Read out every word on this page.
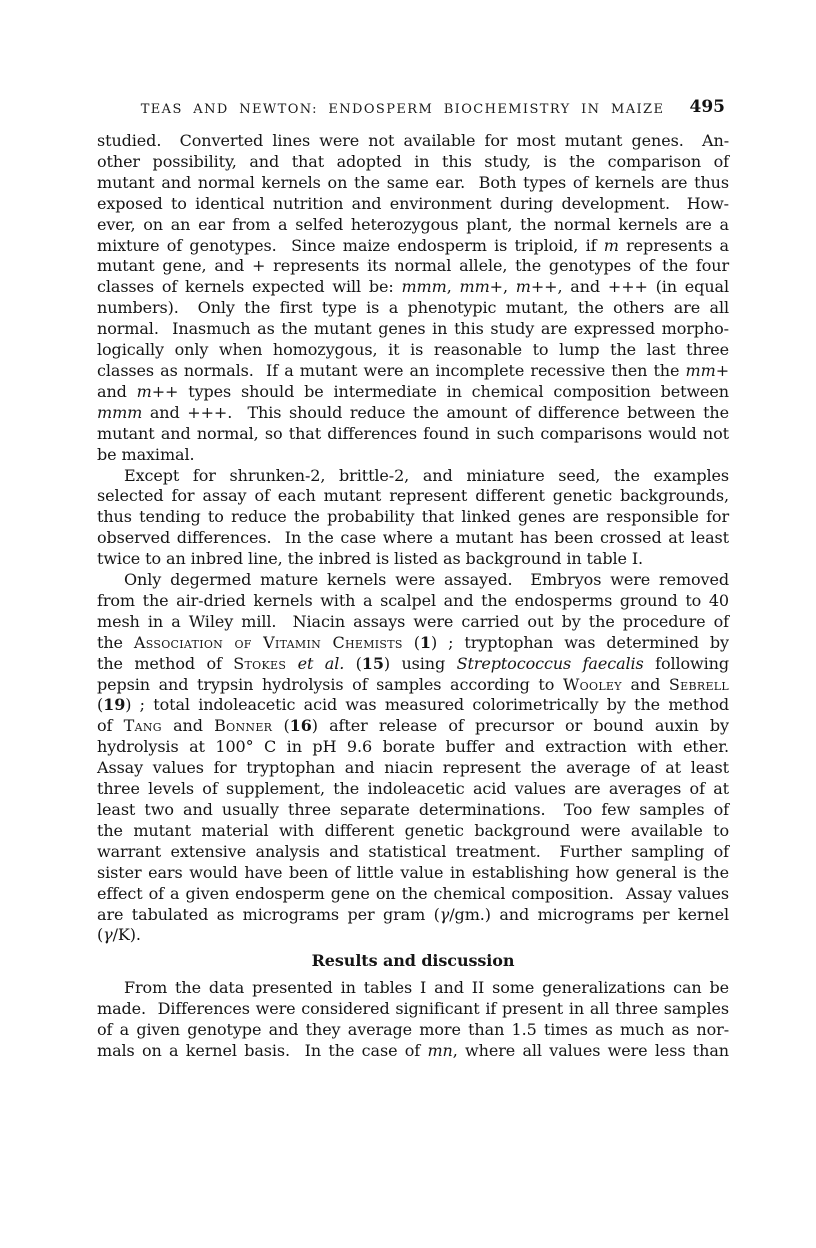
TEAS AND NEWTON: ENDOSPERM BIOCHEMISTRY IN MAIZE 495
studied.  Converted lines were not available for most mutant genes.  An-
other possibility, and that adopted in this study, is the comparison of
mutant and normal kernels on the same ear.  Both types of kernels are thus
exposed to identical nutrition and environment during development.  How-
ever, on an ear from a selfed heterozygous plant, the normal kernels are a
mixture of genotypes.  Since maize endosperm is triploid, if m represents a
mutant gene, and + represents its normal allele, the genotypes of the four
classes of kernels expected will be: mmm, mm+, m++, and +++ (in equal
numbers).  Only the first type is a phenotypic mutant, the others are all
normal.  Inasmuch as the mutant genes in this study are expressed morpho-
logically only when homozygous, it is reasonable to lump the last three
classes as normals.  If a mutant were an incomplete recessive then the mm+
and m++ types should be intermediate in chemical composition between
mmm and +++.  This should reduce the amount of difference between the
mutant and normal, so that differences found in such comparisons would not
be maximal.
Except for shrunken-2, brittle-2, and miniature seed, the examples
selected for assay of each mutant represent different genetic backgrounds,
thus tending to reduce the probability that linked genes are responsible for
observed differences.  In the case where a mutant has been crossed at least
twice to an inbred line, the inbred is listed as background in table I.
Only degermed mature kernels were assayed.  Embryos were removed
from the air-dried kernels with a scalpel and the endosperms ground to 40
mesh in a Wiley mill.  Niacin assays were carried out by the procedure of
the Association of Vitamin Chemists (1) ; tryptophan was determined by
the method of Stokes et al. (15) using Streptococcus faecalis following
pepsin and trypsin hydrolysis of samples according to Wooley and Sebrell
(19) ; total indoleacetic acid was measured colorimetrically by the method
of Tang and Bonner (16) after release of precursor or bound auxin by
hydrolysis at 100° C in pH 9.6 borate buffer and extraction with ether.
Assay values for tryptophan and niacin represent the average of at least
three levels of supplement, the indoleacetic acid values are averages of at
least two and usually three separate determinations.  Too few samples of
the mutant material with different genetic background were available to
warrant extensive analysis and statistical treatment.  Further sampling of
sister ears would have been of little value in establishing how general is the
effect of a given endosperm gene on the chemical composition.  Assay values
are tabulated as micrograms per gram (γ/gm.) and micrograms per kernel
(γ/K).
Results and discussion
From the data presented in tables I and II some generalizations can be
made.  Differences were considered significant if present in all three samples
of a given genotype and they average more than 1.5 times as much as nor-
mals on a kernel basis.  In the case of mn, where all values were less than
